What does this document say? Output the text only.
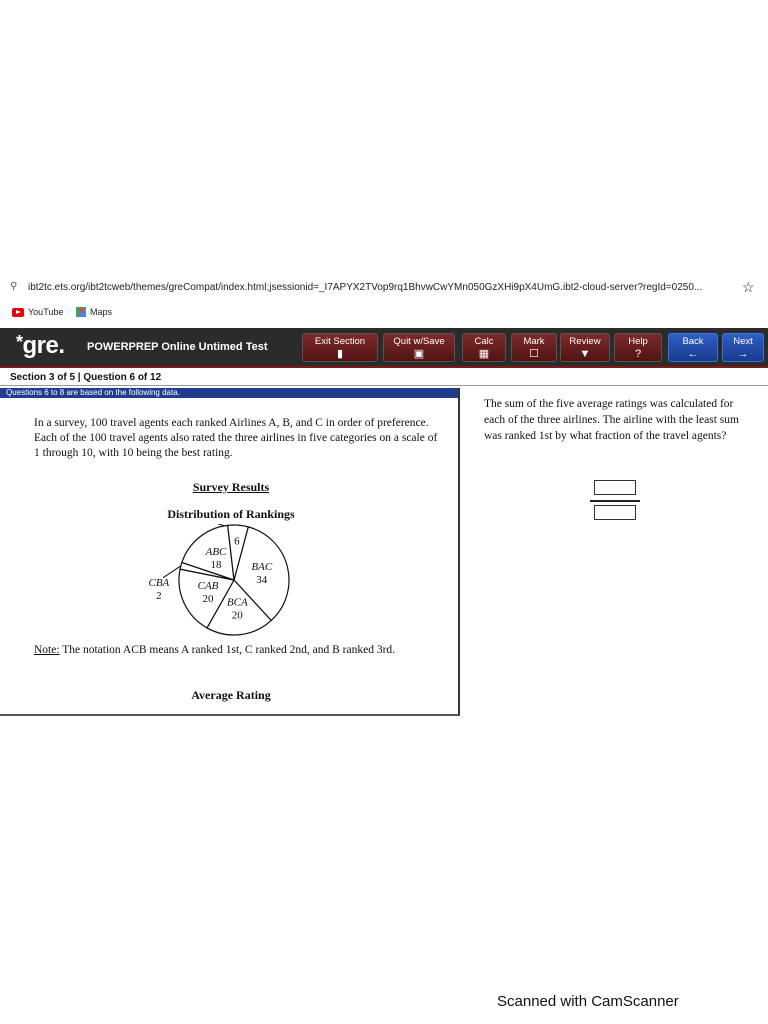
⚲ ibt2tc.ets.org/ibt2tcweb/themes/greCompat/index.html;jsessionid=_I7APYX2TVop9rq1BhvwCwYMn050GzXHi9pX4UmG.ibt2-cloud-server?regId=0250...	☆
YouTube	Maps
*gre. POWERPREP Online Untimed Test	Exit Section
▮
Quit w/Save
▣
Calc
▦
Mark
☐
Review
▼
Help
?
Back
←
Next
→
Section 3 of 5 | Question 6 of 12
Questions 6 to 8 are based on the following data.
In a survey, 100 travel agents each ranked Airlines A, B, and C in order of preference. Each of the 100 travel agents also rated the three airlines in five categories on a scale of 1 through 10, with 10 being the best rating.
Survey Results
Distribution of Rankings
BAC
34
BCA
20
CAB
20
CBA
2
ABC
18
6
Note: The notation ACB means A ranked 1st, C ranked 2nd, and B ranked 3rd.
Average Rating
The sum of the five average ratings was calculated for each of the three airlines. The airline with the least sum was ranked 1st by what fraction of the travel agents?
Scanned with CamScanner
